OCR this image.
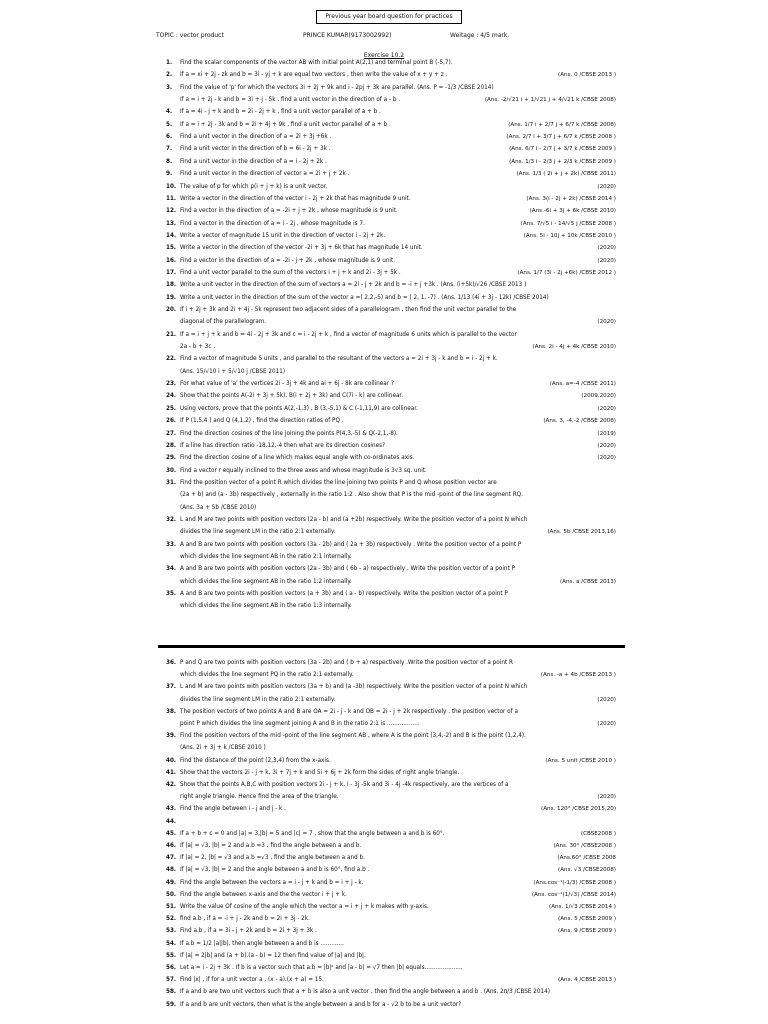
Previous year board question for practices
TOPIC : vector product	PRINCE KUMAR(9173002992)	Weitage : 4/5 mark.
Exercise 10.2
1. Find the scalar components of the vector AB with initial point A(2,1) and terminal point B (-5,7).
2. If a = xi + 2j - zk and b = 3i - yj + k are equal two vectors , then write the value of x + y + z .	(Ans. 0 /CBSE 2013 )
3. Find the value of 'p' for which the vectors 3i + 2j + 9k and i - 2pj + 3k are parallel. (Ans. P = -1/3 /CBSE 2014)
If a = i + 2j - k and b = 3i + j - 5k , find a unit vector in the direction of a - b .	(Ans. -2/√21 i + 1/√21 j + 4/√21 k /CBSE 2008)
4. If a = 4i - j + k and b = 2i - 2j + k , find a unit vector parallel of a + b .
5. If a = i + 2j - 3k and b = 2i + 4j + 9k , find a unit vector parallel of a + b .	(Ans. 1/7 i + 2/7 j + 6/7 k /CBSE 2008)
6. Find a unit vector in the direction of a = 2i + 3j +6k .	(Ans. 2/7 i + 3/7 j + 6/7 k /CBSE 2008 )
7. Find a unit vector in the direction of b = 6i - 2j + 3k .	(Ans. 6/7 i - 2/7 j + 3/7 k /CBSE 2009 )
8. Find a unit vector in the direction of a = i - 2j + 2k .	(Ans. 1/3 i - 2/3 j + 2/3 k /CBSE 2009 )
9. Find a unit vector in the direction of vector a = 2i + j + 2k .	(Ans. 1/3 ( 2i + j + 2k) /CBSE 2011)
10. The value of p for which p(i + j + k) is a unit vector.	(2020)
11. Write a vector in the direction of the vector i - 2j + 2k that has magnitude 9 unit.	(Ans. 3(i - 2j + 2k) /CBSE 2014 )
12. Find a vector in the direction of a = -2i + j + 2k , whose magnitude is 9 unit.	(Ans.-6i + 3j + 6k /CBSE 2010)
13. Find a vector in the direction of a = i - 2j , whose magnitude is 7.	(Ans. 7/√5 i - 14/√5 j /CBSE 2008 )
14. Write a vector of magnitude 15 unit in the direction of vector i - 2j + 2k.	(Ans. 5i - 10j + 10k /CBSE 2010 )
15. Write a vector in the direction of the vector -2i + 3j + 6k that has magnitude 14 unit.	(2020)
16. Find a vector in the direction of a = -2i - j + 2k , whose magnitude is 9 unit.	(2020)
17. Find a unit vector parallel to the sum of the vectors i + j + k and 2i - 3j + 5k .	(Ans. 1/7 (3i - 2j +6k) /CBSE 2012 )
18. Write a unit vector in the direction of the sum of vectors a = 2i - j + 2k and b = -i + j +3k . (Ans. (i+5k)/√26 /CBSE 2013 )
19. Write a unit vector in the direction of the sum of the vector a =( 2,2,-5) and b = ( 2, 1, -7) . (Ans. 1/13 (4i + 3j - 12k) /CBSE 2014)
20. If i + 2j + 3k and 2i + 4j - 5k represent two adjacent sides of a parallelogram , then find the unit vector parallel to the
diagonal of the parallelogram.	(2020)
21. If a = i + j + k and b = 4i - 2j + 3k and c = i - 2j + k , find a vector of magnitude 6 units which is parallel to the vector
2a - b + 3c .	(Ans. 2i - 4j + 4k /CBSE 2010)
22. Find a vector of magnitude 5 units , and parallel to the resultant of the vectors a = 2i + 3j - k and b = i - 2j + k.
(Ans. 15/√10 i + 5/√10 j /CBSE 2011)
23. For what value of 'a' the vertices 2i - 3j + 4k and ai + 6j - 8k are collinear ?	(Ans. a=-4 /CBSE 2011)
24. Show that the points A(-2i + 3j + 5k), B(i + 2j + 3k) and C(7i - k) are collinear.	(2009,2020)
25. Using vectors, prove that the points A(2,-1,3) , B (3,-5,1) & C (-1,11,9) are collinear.	(2020)
26. If P (1,5,4 ) and Q (4,1,2) , find the direction ratios of PQ .	(Ans. 3, -4,-2 /CBSE 2008)
27. Find the direction cosines of the line joining the points P(4,3,-5) & Q(-2,1,-8).	(2019)
28. If a line has direction ratio -18,12,-4 then what are its direction cosines?	(2020)
29. Find the direction cosine of a line which makes equal angle with co-ordinates axis.	(2020)
30. Find a vector r equally inclined to the three axes and whose magnitude is 3√3 sq. unit.
31. Find the position vector of a point R which divides the line joining two points P and Q whose position vector are
(2a + b) and (a - 3b) respectively , externally in the ratio 1:2 . Also show that P is the mid -point of the line segment RQ.
(Ans. 3a + 5b /CBSE 2010)
32. L and M are two points with position vectors (2a - b) and (a +2b) respectively. Write the position vector of a point N which
divides the line segment LM in the ratio 2:1 externally.	(Ans. 5b /CBSE 2013,16)
33. A and B are two points with position vectors (3a - 2b) and ( 2a + 3b) respectively . Write the position vector of a point P
which divides the line segment AB in the ratio 2:1 internally.
34. A and B are two points with position vectors (2a - 3b) and ( 6b - a) respectively . Write the position vector of a point P
which divides the line segment AB in the ratio 1:2 internally.	(Ans. a /CBSE 2013)
35. A and B are two points with position vectors (a + 3b) and ( a - b) respectively. Write the position vector of a point P
which divides the line segment AB in the ratio 1:3 internally.
36. P and Q are two points with position vectors (3a - 2b) and ( b + a) respectively .Write the position vector of a point R
which divides the line segment PQ in the ratio 2:1 externally.	(Ans. -a + 4b /CBSE 2013 )
37. L and M are two points with position vectors (3a + b) and (a -3b) respectively. Write the position vector of a point N which
divides the line segment LM in the ratio 2:1 externally.	(2020)
38. The position vectors of two points A and B are OA = 2i - j - k and OB = 2i - j + 2k respectively . the position vector of a
point P which divides the line segment joining A and B in the ratio 2:1 is ..................	(2020)
39. Find the position vectors of the mid -point of the line segment AB , where A is the point (3,4,-2) and B is the point (1,2,4).
(Ans. 2i + 3j + k /CBSE 2010 )
40. Find the distance of the point (2,3,4) from the x-axis.	(Ans. 5 unit /CBSE 2010 )
41. Show that the vectors 2i - j + k, 3i + 7j + k and 5i + 6j + 2k form the sides of right angle triangle.
42. Show that the points A,B,C with position vectors 2i - j + k, i - 3j -5k and 3i - 4j -4k respectively, are the vertices of a
right angle triangle. Hence find the area of the triangle.	(2020)
43. Find the angle between i - j and j - k .	(Ans. 120° /CBSE 2015,20)
44.
45. If a + b + c = 0 and |a| = 3,|b| = 5 and |c| = 7 , show that the angle between a and b is 60°.	(CBSE2008 )
46. If |a| = √3, |b| = 2 and a.b =3 , find the angle between a and b.	(Ans. 30° /CBSE2008 )
47. If |a| = 2, |b| = √3 and a.b =√3 , find the angle between a and b.	(Ans.60° /CBSE 2008
48. If |a| = √3, |b| = 2 and the angle between a and b is 60°, find a.b .	(Ans. √3 /CBSE2008)
49. Find the angle between the vectors a = i - j + k and b = i + j - k.	(Ans.cos⁻¹(-1/3) /CBSE 2008 )
50. Find the angle between x-axis and the the vector i + j + k.	(Ans. cos⁻¹(1/√3) /CBSE 2014)
51. Write the value Of cosine of the angle which the vector a = i + j + k makes with y-axis.	(Ans. 1/√3 /CBSE 2014 )
52. find a.b , if a = -i + j - 2k and b = 2i + 3j - 2k.	(Ans. 5 /CBSE 2009 )
53. Find a.b , if a = 3i - j + 2k and b = 2i + 3j + 3k .	(Ans. 9 /CBSE 2009 )
54. If a.b = 1/2 |a||b|, then angle between a and b is .............
55. If |a| = 2|b| and (a + b).(a - b) = 12 then find value of |a| and |b|.
56. Let a = i - 2j + 3k . If b is a vector such that a.b = |b|² and |a - b| = √7 then |b| equals.....................
57. Find |x| , if for a unit vector a , (x - a).(x + a) = 15.	(Ans. 4 /CBSE 2013 )
58. If a and b are two unit vectors such that a + b is also a unit vector , then find the angle between a and b . (Ans. 2π/3 /CBSE 2014)
59. If a and b are unit vectors, then what is the angle between a and b for a - √2 b to be a unit vector?
